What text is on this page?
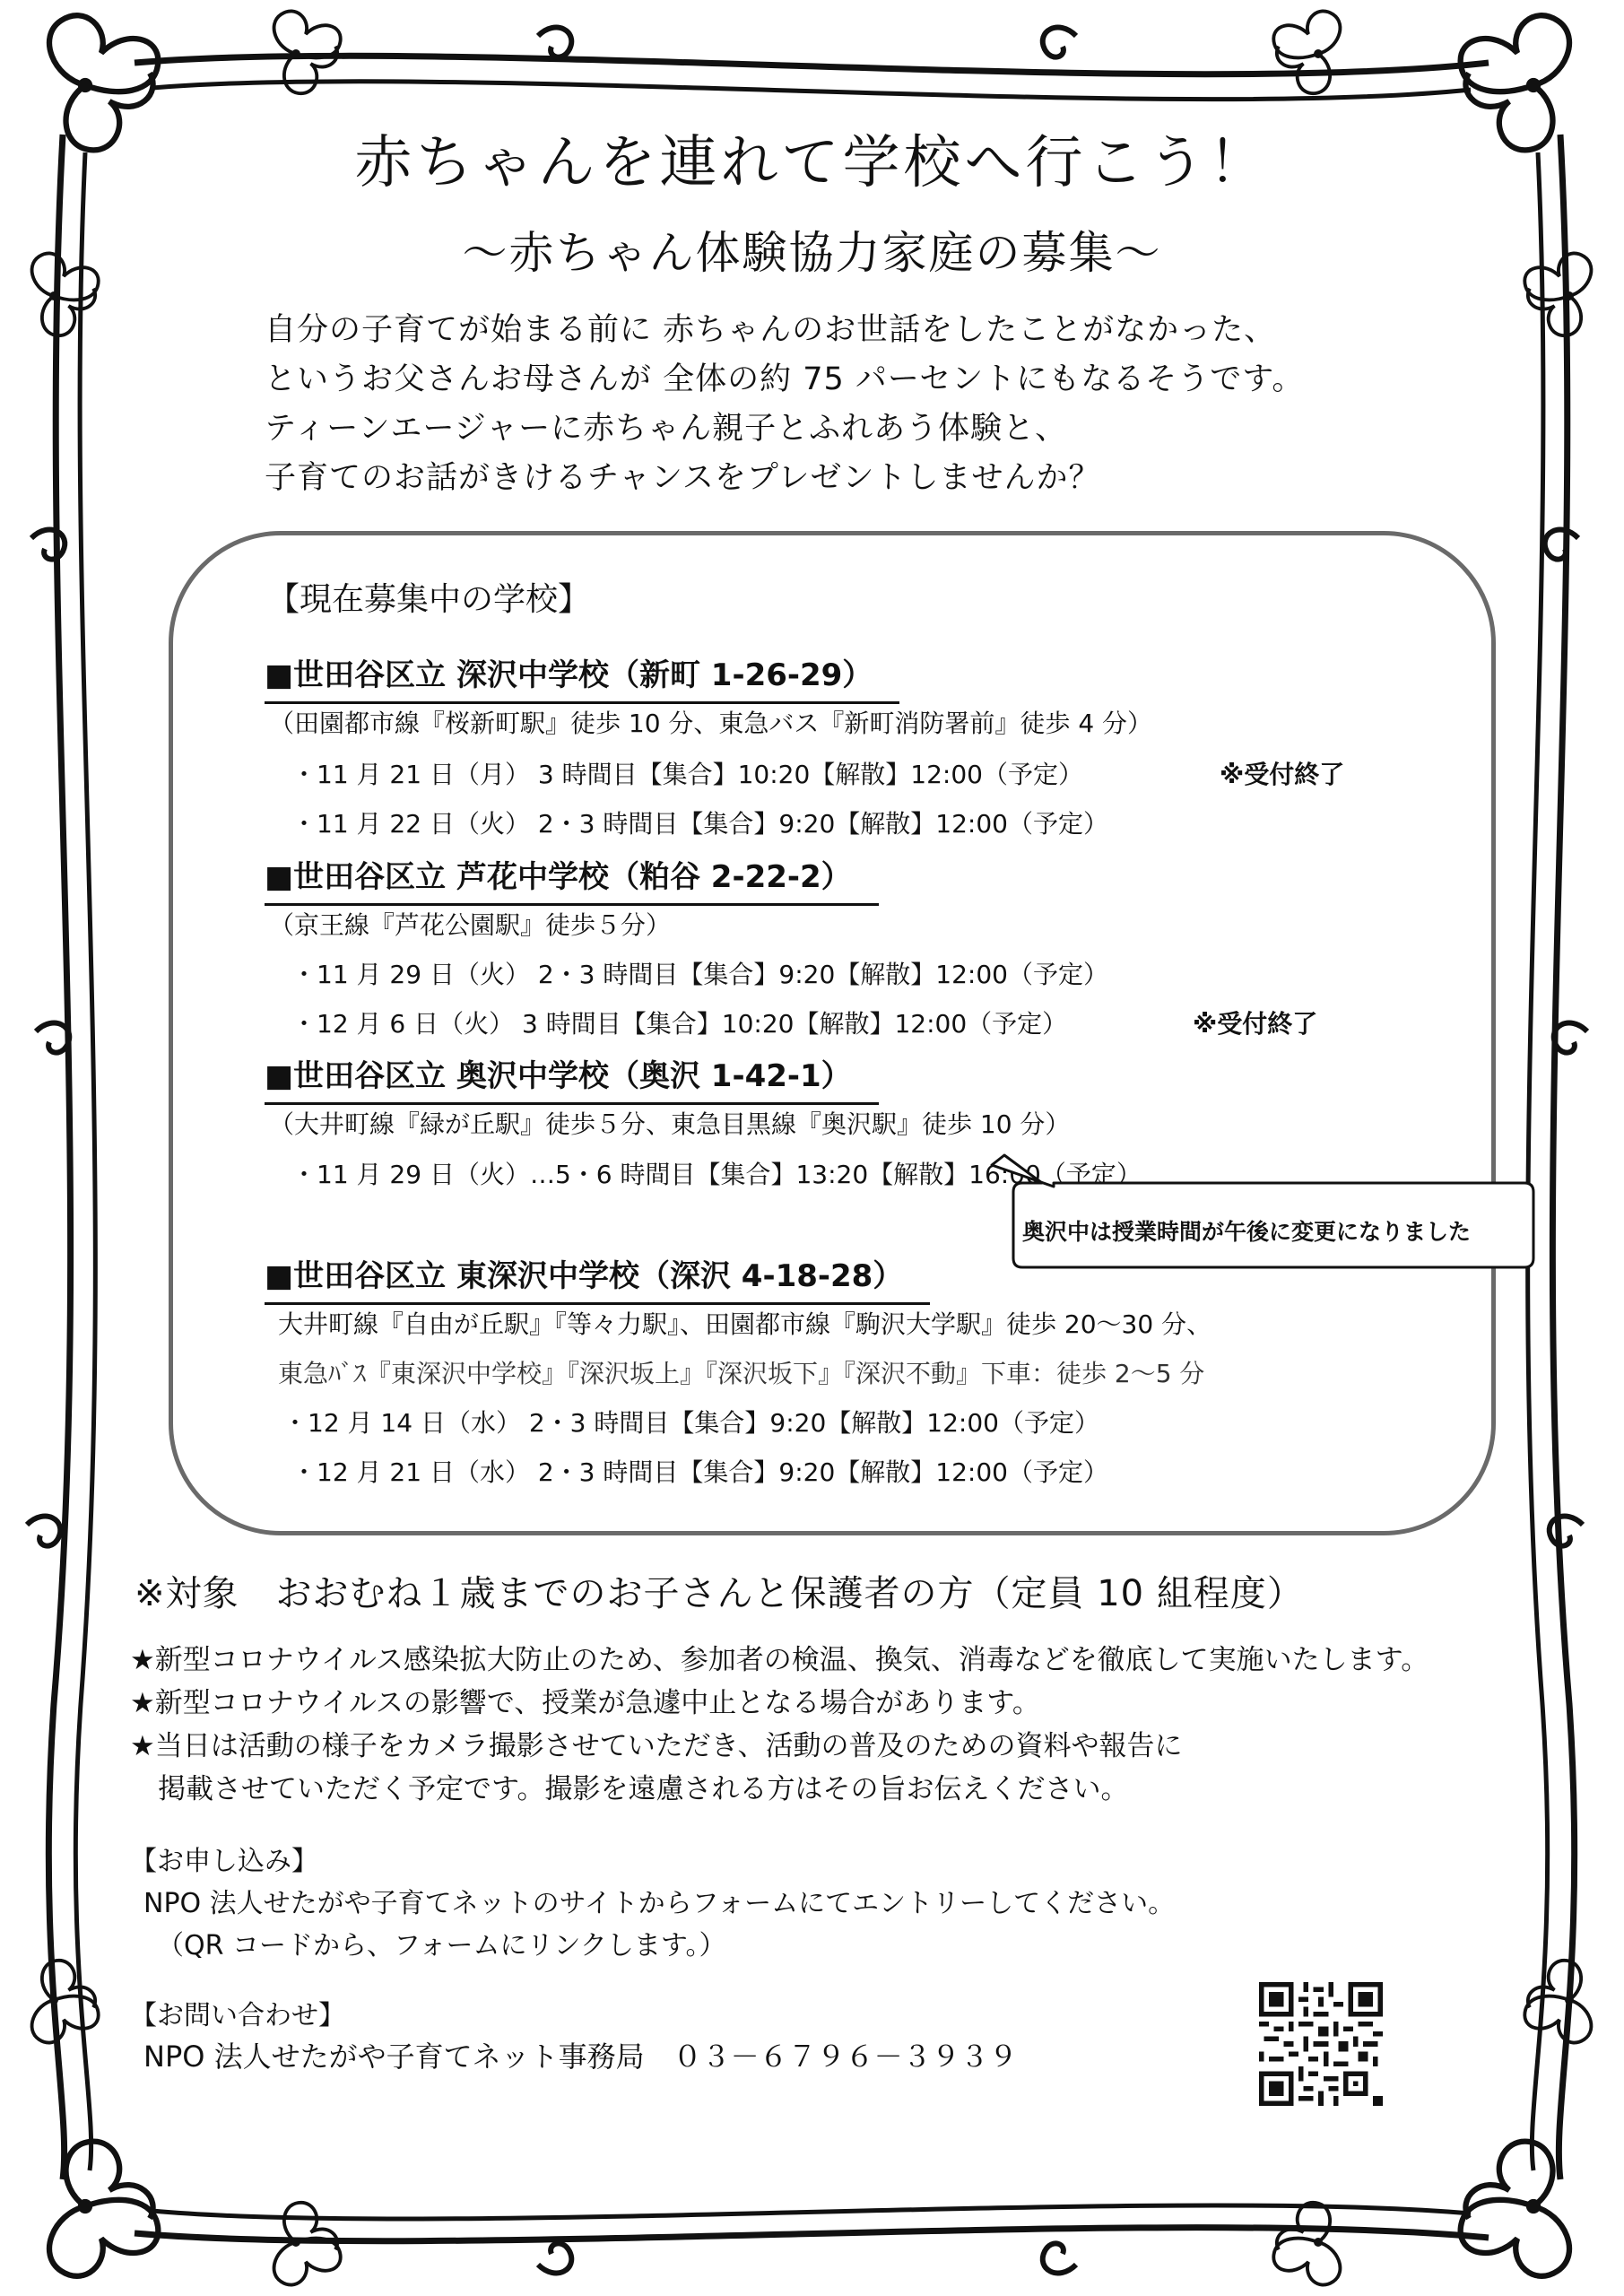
赤ちゃんを連れて学校へ行こう！
～赤ちゃん体験協力家庭の募集～
自分の子育てが始まる前に 赤ちゃんのお世話をしたことがなかった、
というお父さんお母さんが 全体の約 75 パーセントにもなるそうです。
ティーンエージャーに赤ちゃん親子とふれあう体験と、
子育てのお話がきけるチャンスをプレゼントしませんか？
【現在募集中の学校】
■世田谷区立 深沢中学校（新町 1-26-29）
（田園都市線『桜新町駅』徒歩 10 分、東急バス『新町消防署前』徒歩 4 分）
・11 月 21 日（月） 3 時間目【集合】10:20【解散】12:00（予定）	※受付終了
・11 月 22 日（火） 2・3 時間目【集合】9:20【解散】12:00（予定）
■世田谷区立 芦花中学校（粕谷 2-22-2）
（京王線『芦花公園駅』徒歩５分）
・11 月 29 日（火） 2・3 時間目【集合】9:20【解散】12:00（予定）
・12 月 6 日（火） 3 時間目【集合】10:20【解散】12:00（予定）	※受付終了
■世田谷区立 奥沢中学校（奥沢 1-42-1）
（大井町線『緑が丘駅』徒歩５分、東急目黒線『奥沢駅』徒歩 10 分）
・11 月 29 日（火）…5・6 時間目【集合】13:20【解散】16:00（予定）
奥沢中は授業時間が午後に変更になりました
■世田谷区立 東深沢中学校（深沢 4-18-28）
大井町線『自由が丘駅』『等々力駅』、田園都市線『駒沢大学駅』徒歩 20～30 分、
東急ﾊﾞｽ『東深沢中学校』『深沢坂上』『深沢坂下』『深沢不動』下車：徒歩 2～5 分
・12 月 14 日（水） 2・3 時間目【集合】9:20【解散】12:00（予定）
・12 月 21 日（水） 2・3 時間目【集合】9:20【解散】12:00（予定）
※対象　おおむね１歳までのお子さんと保護者の方（定員 10 組程度）
★新型コロナウイルス感染拡大防止のため、参加者の検温、換気、消毒などを徹底して実施いたします。
★新型コロナウイルスの影響で、授業が急遽中止となる場合があります。
★当日は活動の様子をカメラ撮影させていただき、活動の普及のための資料や報告に
　掲載させていただく予定です。撮影を遠慮される方はその旨お伝えください。
【お申し込み】
NPO 法人せたがや子育てネットのサイトからフォームにてエントリーしてください。
（QR コードから、フォームにリンクします。）
【お問い合わせ】
NPO 法人せたがや子育てネット事務局　０３－６７９６－３９３９
